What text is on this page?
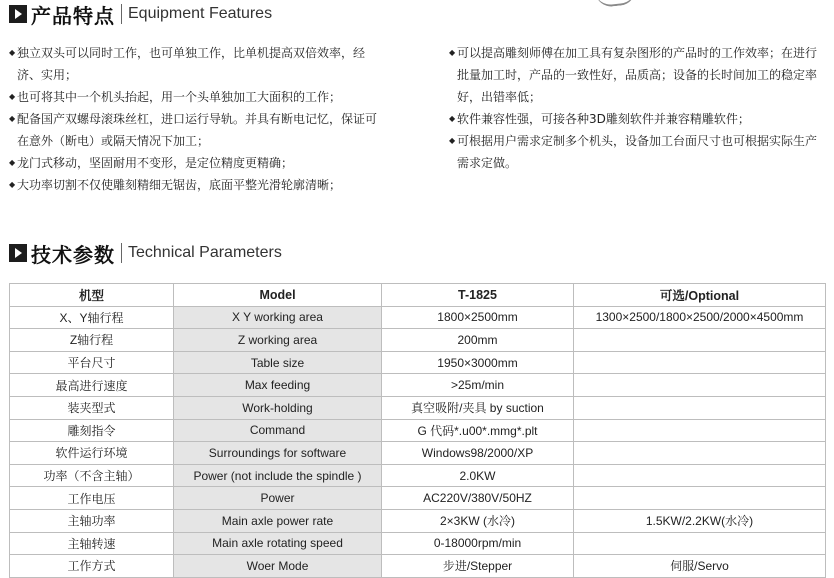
产品特点 Equipment Features
◆ 独立双头可以同时工作，也可单独工作，比单机提高双倍效率，经
济、实用；
◆ 也可将其中一个机头抬起，用一个头单独加工大面积的工作；
◆ 配备国产双螺母滚珠丝杠，进口运行导轨。并具有断电记忆，保证可
在意外（断电）或隔天情况下加工；
◆ 龙门式移动，坚固耐用不变形，是定位精度更精确；
◆ 大功率切割不仅使雕刻精细无锯齿，底面平整光滑轮廓清晰；
◆ 可以提高雕刻师傅在加工具有复杂图形的产品时的工作效率；在进行
批量加工时，产品的一致性好，品质高；设备的长时间加工的稳定率
好，出错率低；
◆ 软件兼容性强，可接各种3D雕刻软件并兼容精雕软件；
◆ 可根据用户需求定制多个机头，设备加工台面尺寸也可根据实际生产
需求定做。
技术参数 Technical Parameters
机型	Model	T-1825	可选/Optional
X、Y轴行程	X Y working area	1800×2500mm	1300×2500/1800×2500/2000×4500mm
Z轴行程	Z working area	200mm	
平台尺寸	Table size	1950×3000mm	
最高进行速度	Max feeding	>25m/min	
装夹型式	Work-holding	真空吸附/夹具 by suction	
雕刻指令	Command	G 代码*.u00*.mmg*.plt	
软件运行环境	Surroundings for software	Windows98/2000/XP	
功率（不含主轴）	Power (not include the spindle )	2.0KW	
工作电压	Power	AC220V/380V/50HZ	
主轴功率	Main axle power rate	2×3KW (水冷)	1.5KW/2.2KW(水冷)
主轴转速	Main axle rotating speed	0-18000rpm/min	
工作方式	Woer Mode	步进/Stepper	伺服/Servo
